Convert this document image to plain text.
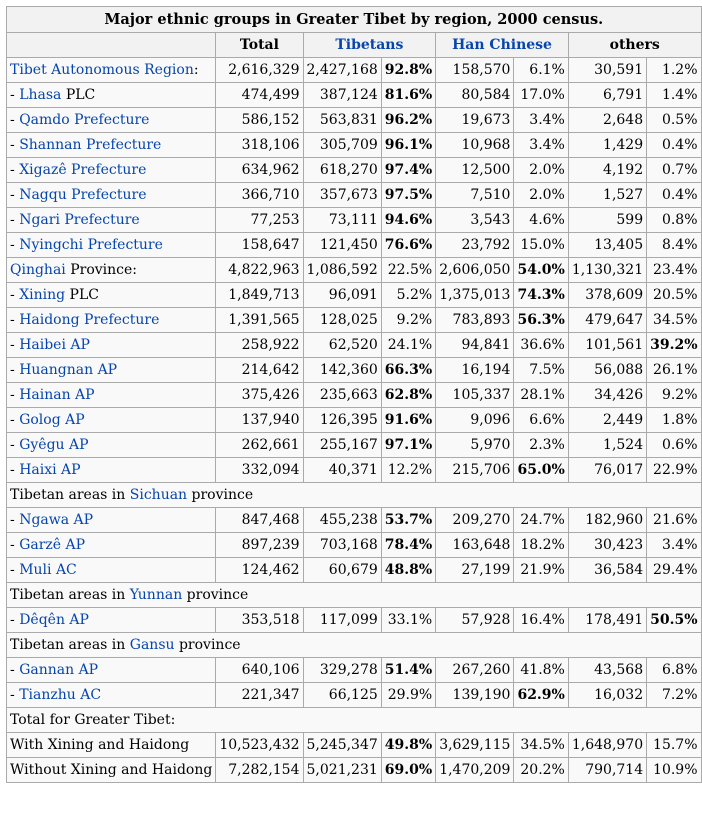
Major ethnic groups in Greater Tibet by region, 2000 census.
	Total	Tibetans		Han Chinese		others	
Tibet Autonomous Region:	2,616,329	2,427,168	92.8%	158,570	6.1%	30,591	1.2%
- Lhasa PLC	474,499	387,124	81.6%	80,584	17.0%	6,791	1.4%
- Qamdo Prefecture	586,152	563,831	96.2%	19,673	3.4%	2,648	0.5%
- Shannan Prefecture	318,106	305,709	96.1%	10,968	3.4%	1,429	0.4%
- Xigazê Prefecture	634,962	618,270	97.4%	12,500	2.0%	4,192	0.7%
- Nagqu Prefecture	366,710	357,673	97.5%	7,510	2.0%	1,527	0.4%
- Ngari Prefecture	77,253	73,111	94.6%	3,543	4.6%	599	0.8%
- Nyingchi Prefecture	158,647	121,450	76.6%	23,792	15.0%	13,405	8.4%
Qinghai Province:	4,822,963	1,086,592	22.5%	2,606,050	54.0%	1,130,321	23.4%
- Xining PLC	1,849,713	96,091	5.2%	1,375,013	74.3%	378,609	20.5%
- Haidong Prefecture	1,391,565	128,025	9.2%	783,893	56.3%	479,647	34.5%
- Haibei AP	258,922	62,520	24.1%	94,841	36.6%	101,561	39.2%
- Huangnan AP	214,642	142,360	66.3%	16,194	7.5%	56,088	26.1%
- Hainan AP	375,426	235,663	62.8%	105,337	28.1%	34,426	9.2%
- Golog AP	137,940	126,395	91.6%	9,096	6.6%	2,449	1.8%
- Gyêgu AP	262,661	255,167	97.1%	5,970	2.3%	1,524	0.6%
- Haixi AP	332,094	40,371	12.2%	215,706	65.0%	76,017	22.9%
Tibetan areas in Sichuan province							
- Ngawa AP	847,468	455,238	53.7%	209,270	24.7%	182,960	21.6%
- Garzê AP	897,239	703,168	78.4%	163,648	18.2%	30,423	3.4%
- Muli AC	124,462	60,679	48.8%	27,199	21.9%	36,584	29.4%
Tibetan areas in Yunnan province							
- Dêqên AP	353,518	117,099	33.1%	57,928	16.4%	178,491	50.5%
Tibetan areas in Gansu province							
- Gannan AP	640,106	329,278	51.4%	267,260	41.8%	43,568	6.8%
- Tianzhu AC	221,347	66,125	29.9%	139,190	62.9%	16,032	7.2%
Total for Greater Tibet:							
With Xining and Haidong	10,523,432	5,245,347	49.8%	3,629,115	34.5%	1,648,970	15.7%
Without Xining and Haidong	7,282,154	5,021,231	69.0%	1,470,209	20.2%	790,714	10.9%
